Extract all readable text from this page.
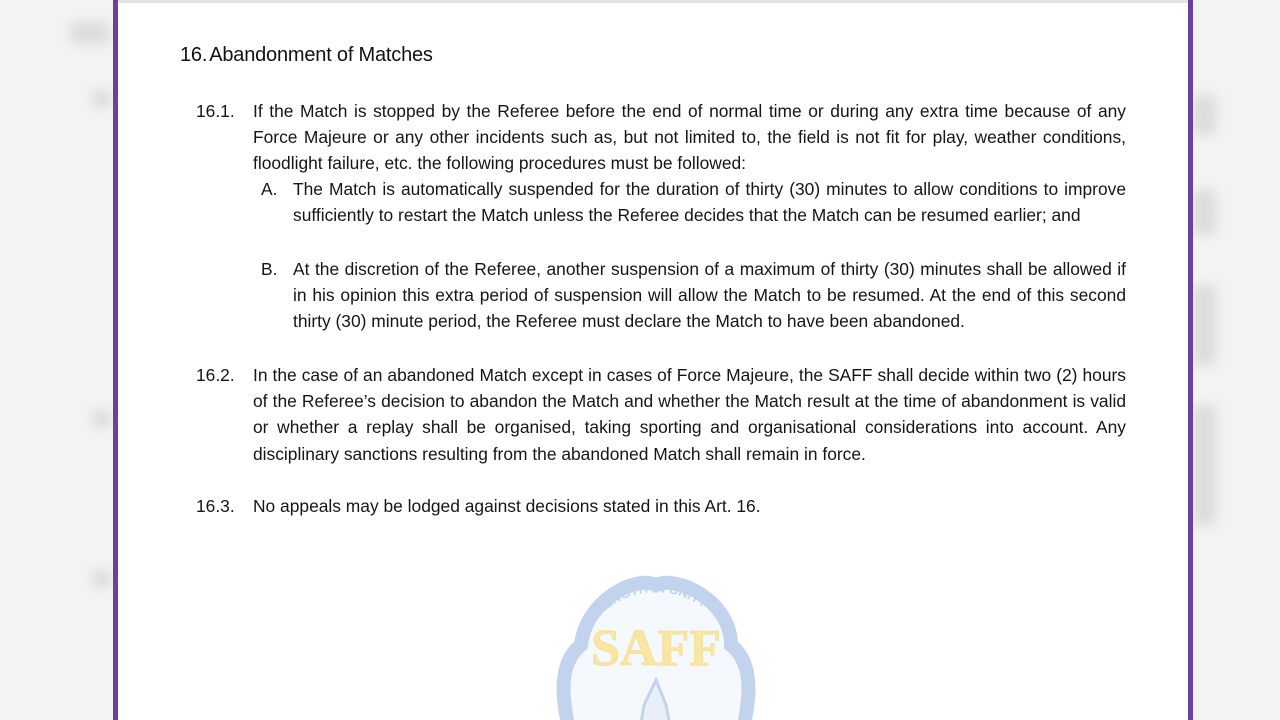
16. Abandonment of Matches
16.1. If the Match is stopped by the Referee before the end of normal time or during any extra time because of any Force Majeure or any other incidents such as, but not limited to, the field is not fit for play, weather conditions, floodlight failure, etc. the following procedures must be followed:
A. The Match is automatically suspended for the duration of thirty (30) minutes to allow conditions to improve sufficiently to restart the Match unless the Referee decides that the Match can be resumed earlier; and
B. At the discretion of the Referee, another suspension of a maximum of thirty (30) minutes shall be allowed if in his opinion this extra period of suspension will allow the Match to be resumed. At the end of this second thirty (30) minute period, the Referee must declare the Match to have been abandoned.
16.2. In the case of an abandoned Match except in cases of Force Majeure, the SAFF shall decide within two (2) hours of the Referee’s decision to abandon the Match and whether the Match result at the time of abandonment is valid or whether a replay shall be organised, taking sporting and organisational considerations into account. Any disciplinary sanctions resulting from the abandoned Match shall remain in force.
16.3. No appeals may be lodged against decisions stated in this Art. 16.
STRENGTH IN UNITY
SAFF
